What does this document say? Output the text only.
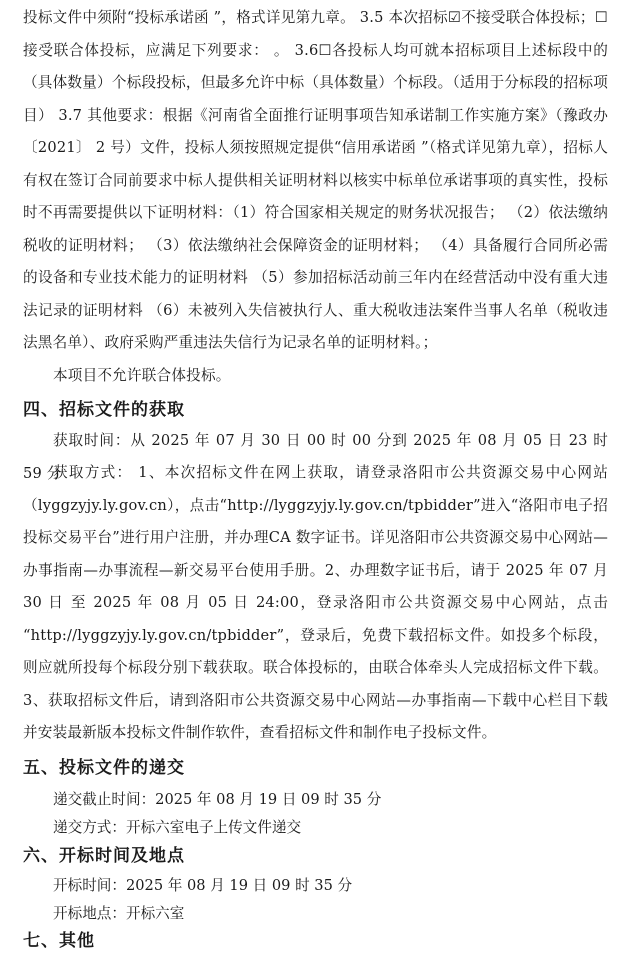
投标文件中须附“投标承诺函 ”，格式详见第九章。 3.5 本次招标☑不接受联合体投标；☐接受联合体投标，应满足下列要求： 。 3.6☐各投标人均可就本招标项目上述标段中的（具体数量）个标段投标，但最多允许中标（具体数量）个标段。（适用于分标段的招标项目） 3.7 其他要求：根据《河南省全面推行证明事项告知承诺制工作实施方案》（豫政办〔2021〕 2 号）文件，投标人须按照规定提供“信用承诺函 ”（格式详见第九章），招标人有权在签订合同前要求中标人提供相关证明材料以核实中标单位承诺事项的真实性，投标时不再需要提供以下证明材料：（1）符合国家相关规定的财务状况报告； （2）依法缴纳税收的证明材料； （3）依法缴纳社会保障资金的证明材料； （4）具备履行合同所必需的设备和专业技术能力的证明材料 （5）参加招标活动前三年内在经营活动中没有重大违法记录的证明材料 （6）未被列入失信被执行人、重大税收违法案件当事人名单（税收违法黑名单）、政府采购严重违法失信行为记录名单的证明材料。；

本项目不允许联合体投标。

四、招标文件的获取

获取时间：从 2025 年 07 月 30 日 00 时 00 分到 2025 年 08 月 05 日 23 时 59 分

获取方式： 1、本次招标文件在网上获取，请登录洛阳市公共资源交易中心网站（lyggzyjy.ly.gov.cn），点击“http://lyggzyjy.ly.gov.cn/tpbidder”进入“洛阳市电子招投标交易平台”进行用户注册，并办理CA 数字证书。详见洛阳市公共资源交易中心网站—办事指南—办事流程—新交易平台使用手册。2、办理数字证书后，请于 2025 年 07 月 30 日 至 2025 年 08 月 05 日 24:00，登录洛阳市公共资源交易中心网站，点击 “http://lyggzyjy.ly.gov.cn/tpbidder”，登录后，免费下载招标文件。如投多个标段，则应就所投每个标段分别下载获取。联合体投标的，由联合体牵头人完成招标文件下载。3、获取招标文件后，请到洛阳市公共资源交易中心网站—办事指南—下载中心栏目下载并安装最新版本投标文件制作软件，查看招标文件和制作电子投标文件。

五、投标文件的递交

递交截止时间：2025 年 08 月 19 日 09 时 35 分

递交方式：开标六室电子上传文件递交

六、开标时间及地点

开标时间：2025 年 08 月 19 日 09 时 35 分

开标地点：开标六室

七、其他
